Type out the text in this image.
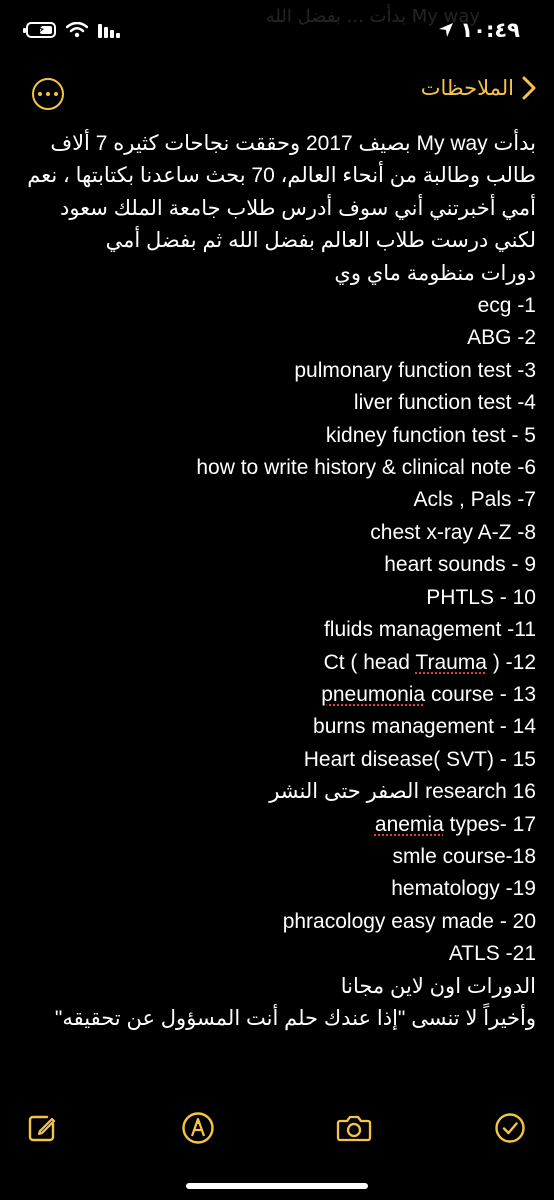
My way بدأت ... بفضل الله
⚡	١٠:٤٩
الملاحظات
بدأت My way بصيف 2017 وحققت نجاحات كثيره 7 ألاف طالب وطالبة من أنحاء العالم، 70 بحث ساعدنا بكتابتها ، نعم أمي أخبرتني أني سوف أدرس طلاب جامعة الملك سعود لكني درست طلاب العالم بفضل الله ثم بفضل أمي
دورات منظومة ماي وي
ecg -1
ABG -2
pulmonary function test -3
liver function test -4
kidney function test - 5
how to write history & clinical note -6
Acls , Pals -7
chest x-ray A-Z -8
heart sounds - 9
PHTLS - 10
fluids management -11
Ct ( head Trauma ) -12
pneumonia course - 13
burns management - 14
Heart disease( SVT) - 15
research 16 الصفر حتى النشر
anemia types- 17
smle course-18
hematology -19
phracology easy made - 20
ATLS -21
الدورات اون لاين مجانا
وأخيراً لا تنسى "إذا عندك حلم أنت المسؤول عن تحقيقه"
